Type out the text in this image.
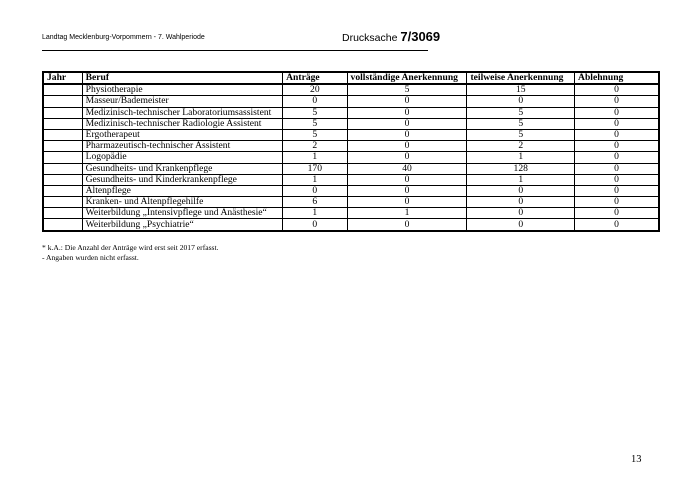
Landtag Mecklenburg-Vorpommern - 7. Wahlperiode	Drucksache 7/3069
Jahr	Beruf	Anträge	vollständige Anerkennung	teilweise Anerkennung	Ablehnung
	Physiotherapie	20	5	15	0
	Masseur/Bademeister	0	0	0	0
	Medizinisch-technischer Laboratoriumsassistent	5	0	5	0
	Medizinisch-technischer Radiologie Assistent	5	0	5	0
	Ergotherapeut	5	0	5	0
	Pharmazeutisch-technischer Assistent	2	0	2	0
	Logopädie	1	0	1	0
	Gesundheits- und Krankenpflege	170	40	128	0
	Gesundheits- und Kinderkrankenpflege	1	0	1	0
	Altenpflege	0	0	0	0
	Kranken- und Altenpflegehilfe	6	0	0	0
	Weiterbildung „Intensivpflege und Anästhesie“	1	1	0	0
	Weiterbildung „Psychiatrie“	0	0	0	0
* k.A.: Die Anzahl der Anträge wird erst seit 2017 erfasst.
- Angaben wurden nicht erfasst.
13
